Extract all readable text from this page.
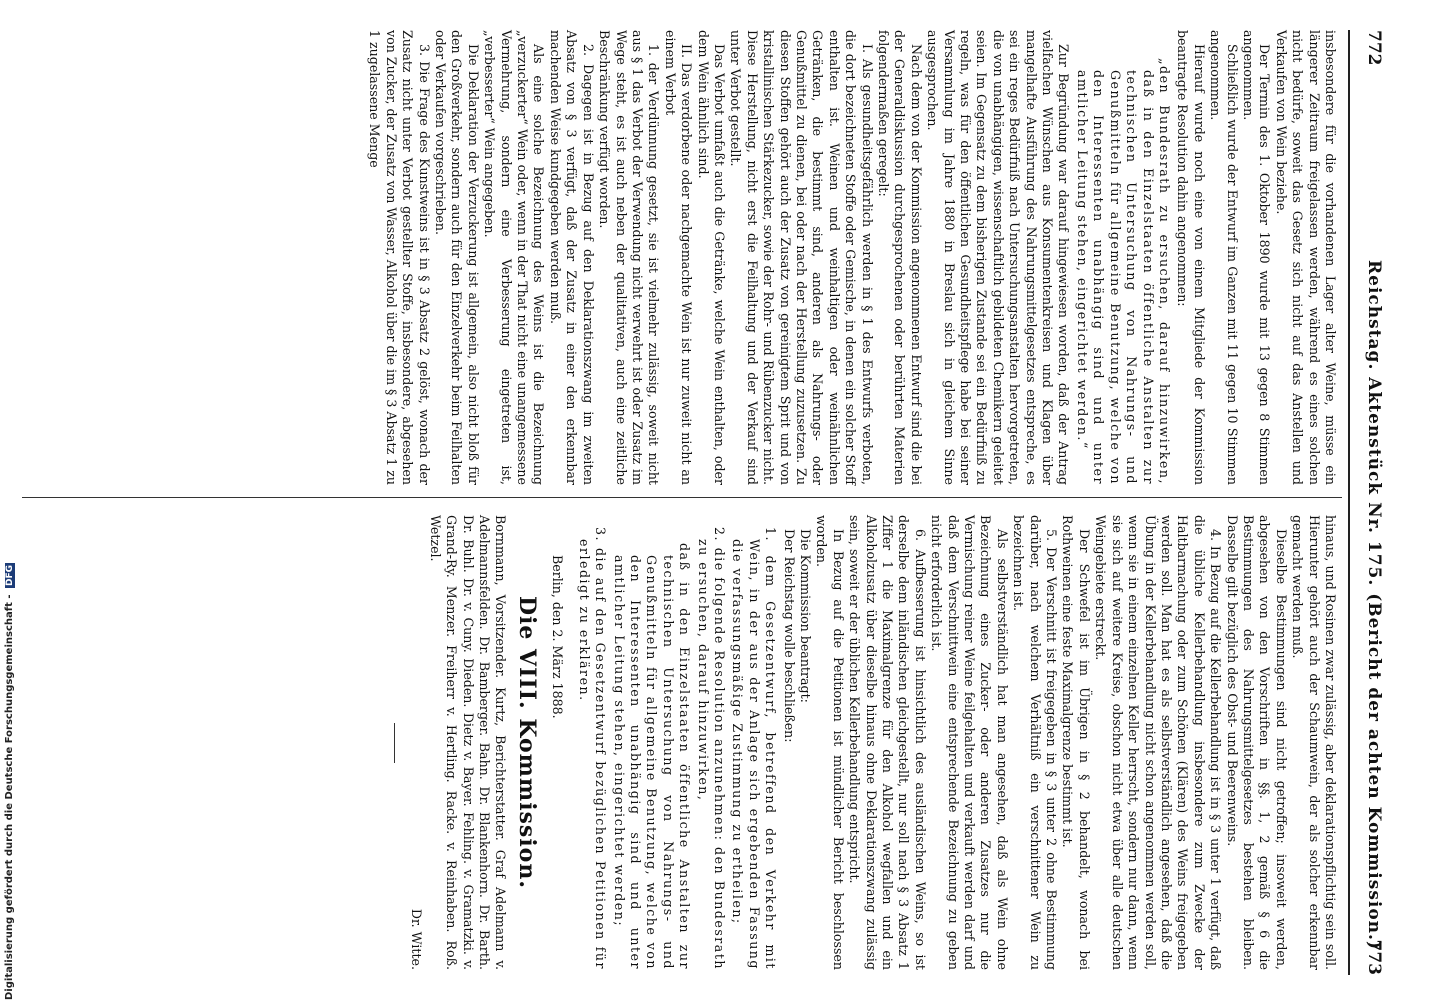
772
Reichstag. Aktenstück Nr. 175. (Bericht der achten Kommission.)
773

insbesondere für die vorhandenen Lager alter Weine, müsse ein längerer Zeitraum freigelassen werden, während es eines solchen nicht bedürfe, soweit das Gesetz sich nicht auf das Anstellen und Verkaufen von Wein beziehe.

Der Termin des 1. Oktober 1890 wurde mit 13 gegen 8 Stimmen angenommen.

Schließlich wurde der Entwurf im Ganzen mit 11 gegen 10 Stimmen angenommen.

Hierauf wurde noch eine von einem Mitgliede der Kommission beantragte Resolution dahin angenommen:

„den Bundesrath zu ersuchen, darauf hinzuwirken, daß in den Einzelstaaten öffentliche Anstalten zur technischen Untersuchung von Nahrungs- und Genußmitteln für allgemeine Benutzung, welche von den Interessenten unabhängig sind und unter amtlicher Leitung stehen, eingerichtet werden.“

Zur Begründung war darauf hingewiesen worden, daß der Antrag vielfachen Wünschen aus Konsumentenkreisen und Klagen über mangelhafte Ausführung des Nahrungsmittelgesetzes entspreche, es sei ein reges Bedürfniß nach Untersuchungsanstalten hervorgetreten, die von unabhängigen, wissenschaftlich gebildeten Chemikern geleitet seien. Im Gegensatz zu dem bisherigen Zustande sei ein Bedürfniß zu regeln, was für den öffentlichen Gesundheitspflege habe bei seiner Versammlung im Jahre 1880 in Breslau sich in gleichem Sinne ausgesprochen.

Nach dem von der Kommission angenommenen Entwurf sind die bei der Generaldiskussion durchgesprochenen oder berührten Materien folgendermaßen geregelt:

I. Als gesundheitsgefährlich werden in § 1 des Entwurfs verboten, die dort bezeichneten Stoffe oder Gemische, in denen ein solcher Stoff enthalten ist. Weinen und weinhaltigen oder weinähnlichen Getränken, die bestimmt sind, anderen als Nahrungs- oder Genußmittel zu dienen, bei oder nach der Herstellung zuzusetzen. Zu diesen Stoffen gehört auch der Zusatz von gereinigtem Sprit und von kristallinischen Stärkezucker, sowie der Rohr- und Rübenzucker nicht. Diese Herstellung, nicht erst die Feilhaltung und der Verkauf sind unter Verbot gestellt.

Das Verbot umfaßt auch die Getränke, welche Wein enthalten, oder dem Wein ähnlich sind.

II. Das verdorbene oder nachgemachte Wein ist nur zuweit nicht an einem Verbot

1. der Verdünnung gesetzt, sie ist vielmehr zulässig, soweit nicht aus § 1 das Verbot der Verwendung nicht verwehrt ist oder Zusatz im Wege steht, es ist auch neben der qualitativen, auch eine zeitliche Beschränkung verfügt worden.

2. Dagegen ist in Bezug auf den Deklarationszwang im zweiten Absatz von § 3 verfügt, daß der Zusatz in einer den erkennbar machenden Weise kundgegeben werden muß.

Als eine solche Bezeichnung des Weins ist die Bezeichnung „verzuckerter“ Wein oder, wenn in der That nicht eine unangemessene Vermehrung, sondern eine Verbesserung eingetreten ist, „verbesserter“ Wein angegeben.

Die Deklaration der Verzuckerung ist allgemein, also nicht bloß für den Großverkehr, sondern auch für den Einzelverkehr beim Feilhalten oder Verkaufen vorgeschrieben.

3. Die Frage des Kunstweins ist in § 3 Absatz 2 gelöst, wonach der Zusatz nicht unter Verbot gestellter Stoffe, insbesondere, abgesehen von Zucker, der Zusatz von Wasser, Alkohol über die im § 3 Absatz 1 zu 1 zugelassene Menge

hinaus, und Rosinen zwar zulässig, aber deklarationspflichtig sein soll. Hierunter gehört auch der Schaumwein, der als solcher erkennbar gemacht werden muß.

Dieselbe Bestimmungen sind nicht getroffen; insoweit werden, abgesehen von den Vorschriften in §§. 1, 2 gemäß § 6 die Bestimmungen des Nahrungsmittelgesetzes bestehen bleiben. Dasselbe gilt bezüglich des Obst- und Beerenweins.

4. In Bezug auf die Kellerbehandlung ist in § 3 unter 1 verfügt, daß die übliche Kellerbehandlung insbesondere zum Zwecke der Haltbarmachung oder zum Schönen (Klären) des Weins freigegeben werden soll. Man hat es als selbstverständlich angesehen, daß die Übung in der Kellerbehandlung nicht schon angenommen werden soll, wenn sie in einem einzelnen Keller herrscht, sondern nur dann, wenn sie sich auf weitere Kreise, obschon nicht etwa über alle deutschen Weingebiete erstreckt.

Der Schwefel ist im Übrigen in § 2 behandelt, wonach bei Rothweinen eine feste Maximalgrenze bestimmt ist.

5. Der Verschnitt ist freigegeben in § 3 unter 2 ohne Bestimmung darüber, nach welchem Verhältniß ein verschnittener Wein zu bezeichnen ist.

Als selbstverständlich hat man angesehen, daß als Wein ohne Bezeichnung eines Zucker- oder anderen Zusatzes nur die Vermischung reiner Weine feilgehalten und verkauft werden darf und daß dem Verschnittwein eine entsprechende Bezeichnung zu geben nicht erforderlich ist.

6. Aufbesserung ist hinsichtlich des ausländischen Weins, so ist derselbe dem inländischen gleichgestellt, nur soll nach § 3 Absatz 1 Ziffer 1 die Maximalgrenze für den Alkohol wegfallen und ein Alkoholzusatz über dieselbe hinaus ohne Deklarationszwang zulässig sein, soweit er der üblichen Kellerbehandlung entspricht.

In Bezug auf die Petitionen ist mündlicher Bericht beschlossen worden.

Die Kommission beantragt:

Der Reichstag wolle beschließen:

1. dem Gesetzentwurf, betreffend den Verkehr mit Wein, in der aus der Anlage sich ergebenden Fassung die verfassungsmäßige Zustimmung zu ertheilen;

2. die folgende Resolution anzunehmen: den Bundesrath zu ersuchen, darauf hinzuwirken,

daß in den Einzelstaaten öffentliche Anstalten zur technischen Untersuchung von Nahrungs- und Genußmitteln für allgemeine Benutzung, welche von den Interessenten unabhängig sind und unter amtlicher Leitung stehen, eingerichtet werden;

3. die auf den Gesetzentwurf bezüglichen Petitionen für erledigt zu erklären.

Berlin, den 2. März 1888.

Die VIII. Kommission.

Bornmann, Vorsitzender. Kurtz, Berichterstatter. Graf Adelmann v. Adelmannsfelden. Dr. Bamberger. Bahn. Dr. Blankenhorn. Dr. Barth. Dr. Buhl. Dr. v. Cuny. Dieden. Dietz v. Bayer. Fehling. v. Gramatzki. v. Grand-Ry. Menzer. Freiherr v. Hertling. Racke. v. Reinhaben. Roß. Wetzel.

Dr. Witte.

Digitalisierung gefördert durch die Deutsche Forschungsgemeinschaft - DFG
